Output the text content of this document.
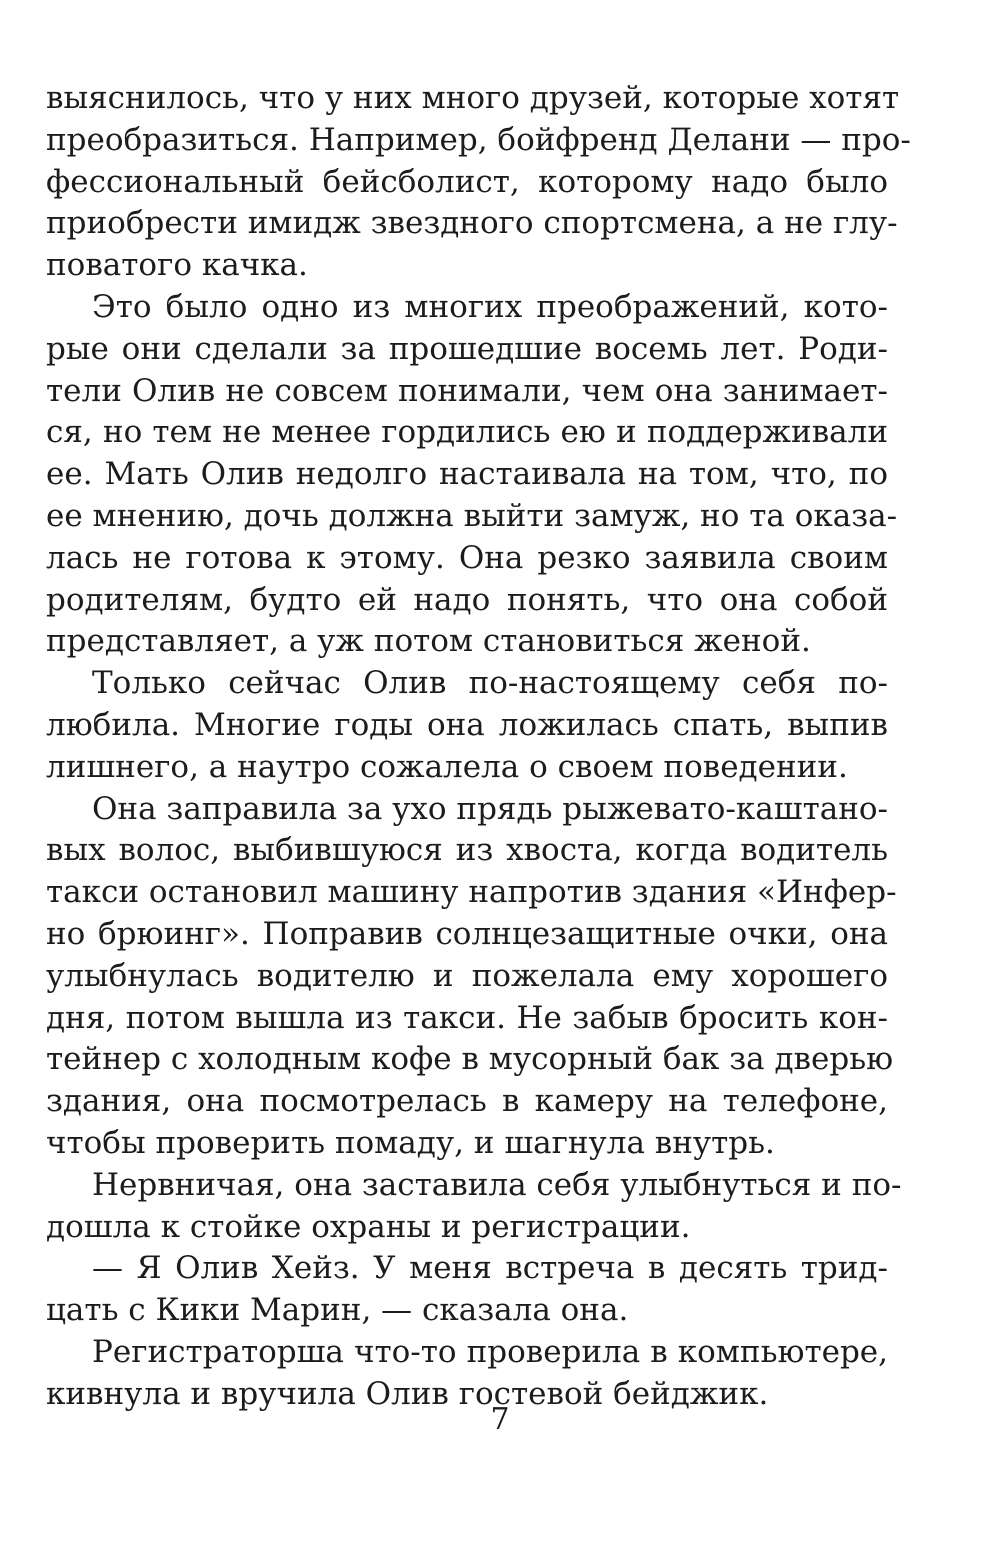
выяснилось, что у них много друзей, которые хотят
преобразиться. Например, бойфренд Делани — про-
фессиональный бейсболист, которому надо было
приобрести имидж звездного спортсмена, а не глу-
поватого качка.
Это было одно из многих преображений, кото-
рые они сделали за прошедшие восемь лет. Роди-
тели Олив не совсем понимали, чем она занимает-
ся, но тем не менее гордились ею и поддерживали
ее. Мать Олив недолго настаивала на том, что, по
ее мнению, дочь должна выйти замуж, но та оказа-
лась не готова к этому. Она резко заявила своим
родителям, будто ей надо понять, что она собой
представляет, а уж потом становиться женой.
Только сейчас Олив по-настоящему себя по-
любила. Многие годы она ложилась спать, выпив
лишнего, а наутро сожалела о своем поведении.
Она заправила за ухо прядь рыжевато-каштано-
вых волос, выбившуюся из хвоста, когда водитель
такси остановил машину напротив здания «Инфер-
но брюинг». Поправив солнцезащитные очки, она
улыбнулась водителю и пожелала ему хорошего
дня, потом вышла из такси. Не забыв бросить кон-
тейнер с холодным кофе в мусорный бак за дверью
здания, она посмотрелась в камеру на телефоне,
чтобы проверить помаду, и шагнула внутрь.
Нервничая, она заставила себя улыбнуться и по-
дошла к стойке охраны и регистрации.
— Я Олив Хейз. У меня встреча в десять трид-
цать с Кики Марин, — сказала она.
Регистраторша что-то проверила в компьютере,
кивнула и вручила Олив гостевой бейджик.
7
